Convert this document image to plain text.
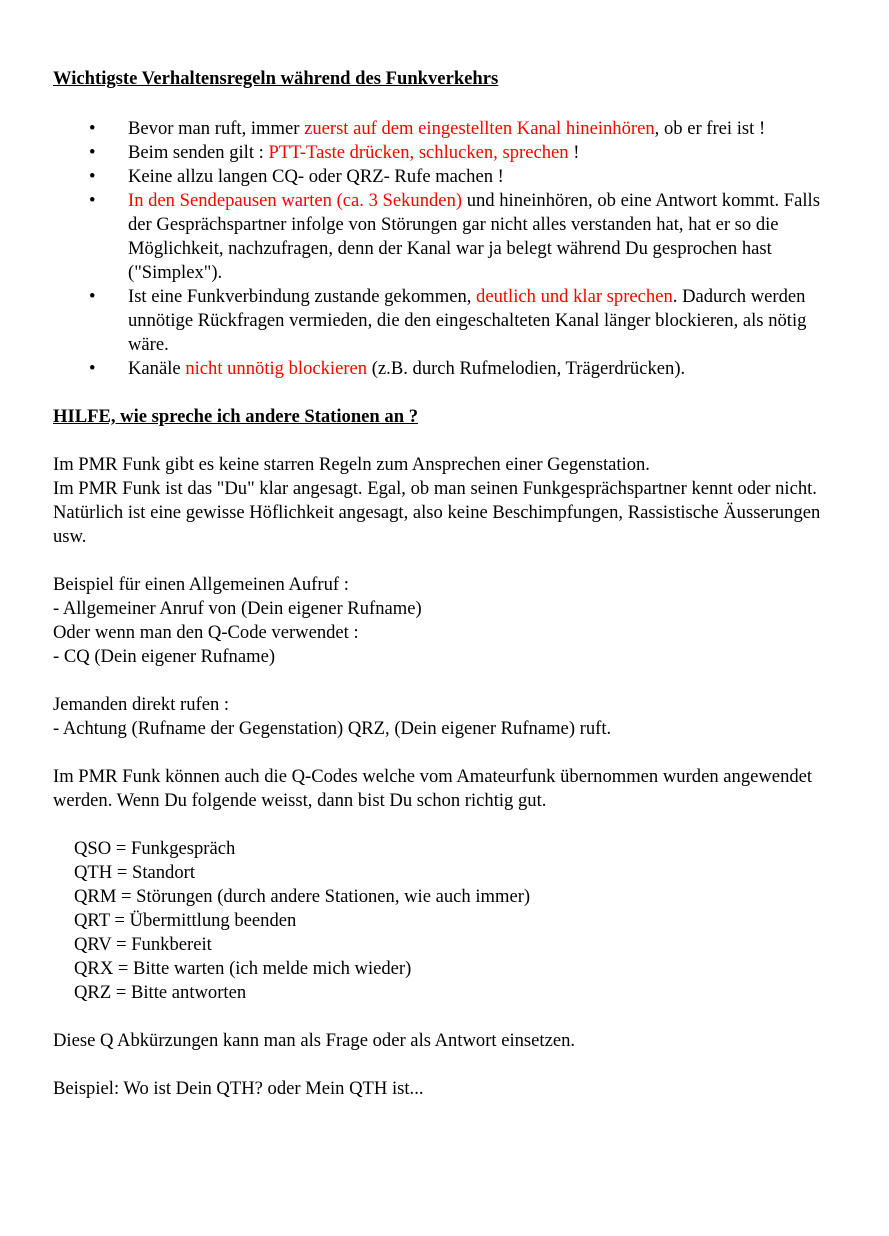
Wichtigste Verhaltensregeln während des Funkverkehrs
• Bevor man ruft, immer zuerst auf dem eingestellten Kanal hineinhören, ob er frei ist !
• Beim senden gilt : PTT-Taste drücken, schlucken, sprechen !
• Keine allzu langen CQ- oder QRZ- Rufe machen !
• In den Sendepausen warten (ca. 3 Sekunden) und hineinhören, ob eine Antwort kommt. Falls der Gesprächspartner infolge von Störungen gar nicht alles verstanden hat, hat er so die Möglichkeit, nachzufragen, denn der Kanal war ja belegt während Du gesprochen hast ("Simplex").
• Ist eine Funkverbindung zustande gekommen, deutlich und klar sprechen. Dadurch werden unnötige Rückfragen vermieden, die den eingeschalteten Kanal länger blockieren, als nötig wäre.
• Kanäle nicht unnötig blockieren (z.B. durch Rufmelodien, Trägerdrücken).
HILFE, wie spreche ich andere Stationen an ?

Im PMR Funk gibt es keine starren Regeln zum Ansprechen einer Gegenstation.

Im PMR Funk ist das "Du" klar angesagt. Egal, ob man seinen Funkgesprächspartner kennt oder nicht.

Natürlich ist eine gewisse Höflichkeit angesagt, also keine Beschimpfungen, Rassistische Äusserungen usw.

Beispiel für einen Allgemeinen Aufruf :

- Allgemeiner Anruf von (Dein eigener Rufname)

Oder wenn man den Q-Code verwendet :

- CQ (Dein eigener Rufname)

Jemanden direkt rufen :

- Achtung (Rufname der Gegenstation) QRZ, (Dein eigener Rufname) ruft.

Im PMR Funk können auch die Q-Codes welche vom Amateurfunk übernommen wurden angewendet werden. Wenn Du folgende weisst, dann bist Du schon richtig gut.

QSO = Funkgespräch

QTH = Standort

QRM = Störungen (durch andere Stationen, wie auch immer)

QRT = Übermittlung beenden

QRV = Funkbereit

QRX = Bitte warten (ich melde mich wieder)

QRZ = Bitte antworten

Diese Q Abkürzungen kann man als Frage oder als Antwort einsetzen.

Beispiel: Wo ist Dein QTH? oder Mein QTH ist...
